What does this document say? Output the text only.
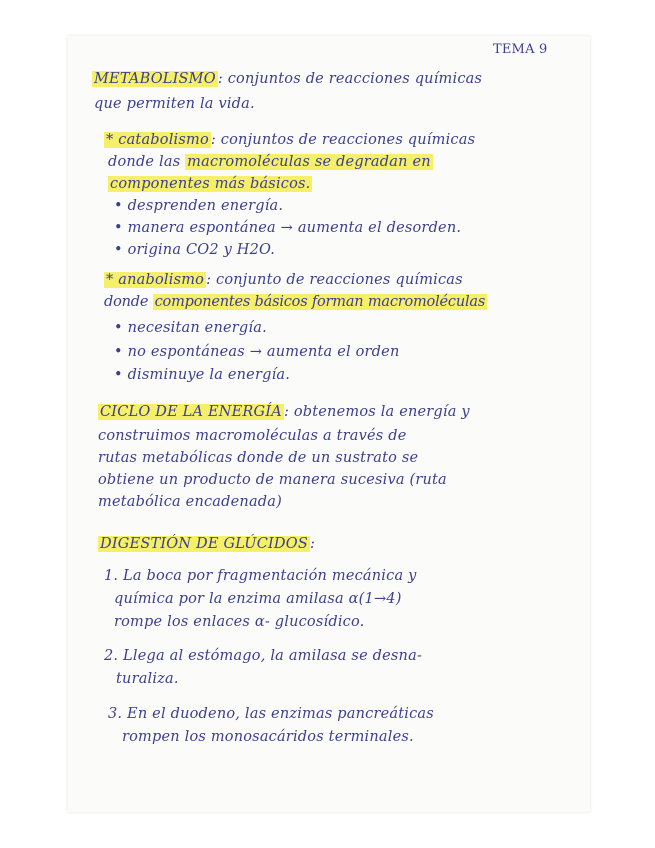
TEMA 9
METABOLISMO : conjuntos de reacciones químicas
que permiten la vida.
* catabolismo : conjuntos de reacciones químicas
donde las macromoléculas se degradan en
componentes más básicos.
• desprenden energía.
• manera espontánea → aumenta el desorden.
• origina CO2 y H2O.
* anabolismo : conjunto de reacciones químicas
donde componentes básicos forman macromoléculas
• necesitan energía.
• no espontáneas → aumenta el orden
• disminuye la energía.
CICLO DE LA ENERGÍA : obtenemos la energía y
construimos macromoléculas a través de
rutas metabólicas donde de un sustrato se
obtiene un producto de manera sucesiva (ruta
metabólica encadenada)
DIGESTIÓN DE GLÚCIDOS :
1. La boca por fragmentación mecánica y
química por la enzima amilasa α(1→4)
rompe los enlaces α- glucosídico.
2. Llega al estómago, la amilasa se desna-
turaliza.
3. En el duodeno, las enzimas pancreáticas
rompen los monosacáridos terminales.
